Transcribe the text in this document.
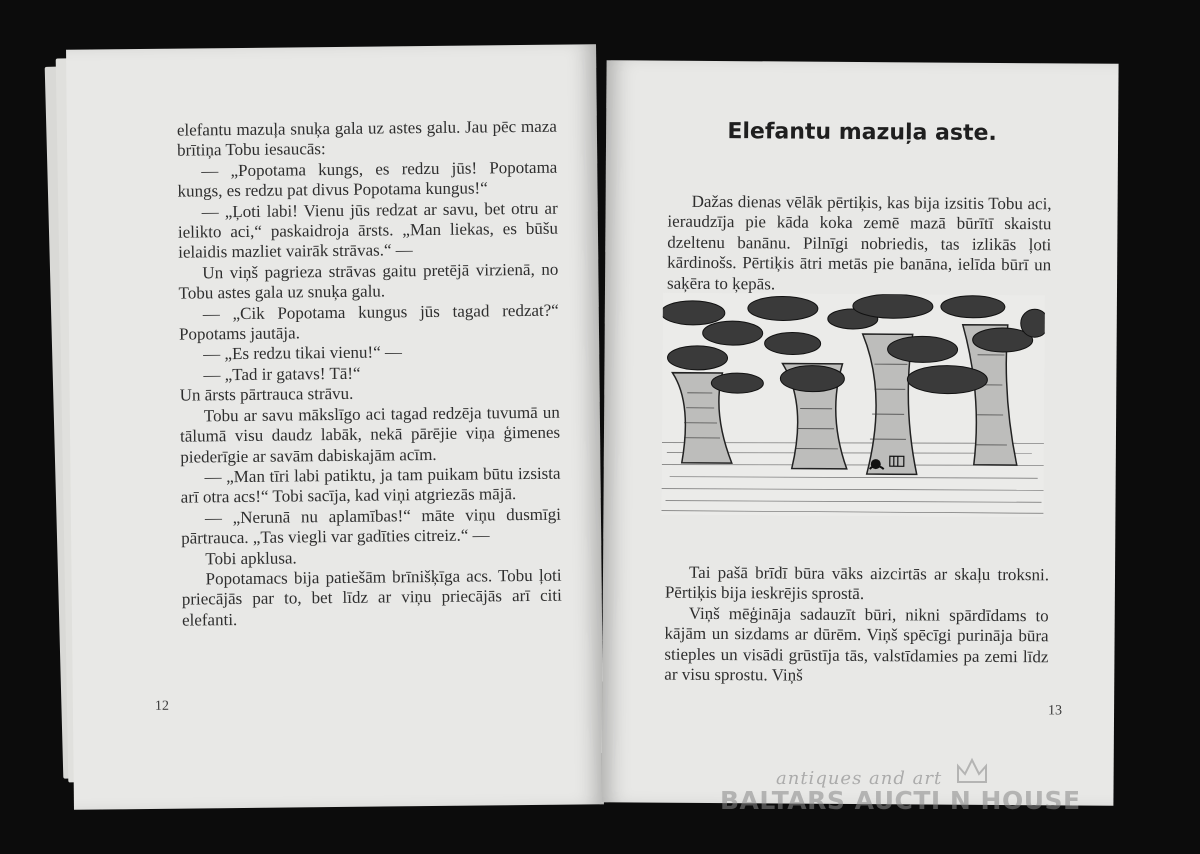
elefantu mazuļa snuķa gala uz astes galu. Jau pēc maza brītiņa Tobu iesaucās:

— „Popotama kungs, es redzu jūs! Popotama kungs, es redzu pat divus Popotama kungus!“

— „Ļoti labi! Vienu jūs redzat ar savu, bet otru ar ielikto aci,“ paskaidroja ārsts. „Man liekas, es būšu ielaidis mazliet vairāk strāvas.“ —

Un viņš pagrieza strāvas gaitu pretējā virzienā, no Tobu astes gala uz snuķa galu.

— „Cik Popotama kungus jūs tagad redzat?“ Popotams jautāja.

— „Es redzu tikai vienu!“ —

— „Tad ir gatavs! Tā!“

Un ārsts pārtrauca strāvu.

Tobu ar savu mākslīgo aci tagad redzēja tuvumā un tālumā visu daudz labāk, nekā pārējie viņa ģimenes piederīgie ar savām dabiskajām acīm.

— „Man tīri labi patiktu, ja tam puikam būtu izsista arī otra acs!“ Tobi sacīja, kad viņi atgriezās mājā.

— „Nerunā nu aplamības!“ māte viņu dusmīgi pārtrauca. „Tas viegli var gadīties citreiz.“ —

Tobi apklusa.

Popotamacs bija patiešām brīnišķīga acs. Tobu ļoti priecājās par to, bet līdz ar viņu priecājās arī citi elefanti.

12
Elefantu mazuļa aste.

Dažas dienas vēlāk pērtiķis, kas bija izsitis Tobu aci, ieraudzīja pie kāda koka zemē mazā būrītī skaistu dzeltenu banānu. Pilnīgi nobriedis, tas izlikās ļoti kārdinošs. Pērtiķis ātri metās pie banāna, ielīda būrī un saķēra to ķepās.

Tai pašā brīdī būra vāks aizcirtās ar skaļu troksni. Pērtiķis bija ieskrējis sprostā.

Viņš mēģināja sadauzīt būri, nikni spārdīdams to kājām un sizdams ar dūrēm. Viņš spēcīgi purināja būra stieples un visādi grūstīja tās, valstīdamies pa zemi līdz ar visu sprostu. Viņš

13
antiques and art
BALTARS AUCTI N HOUSE
